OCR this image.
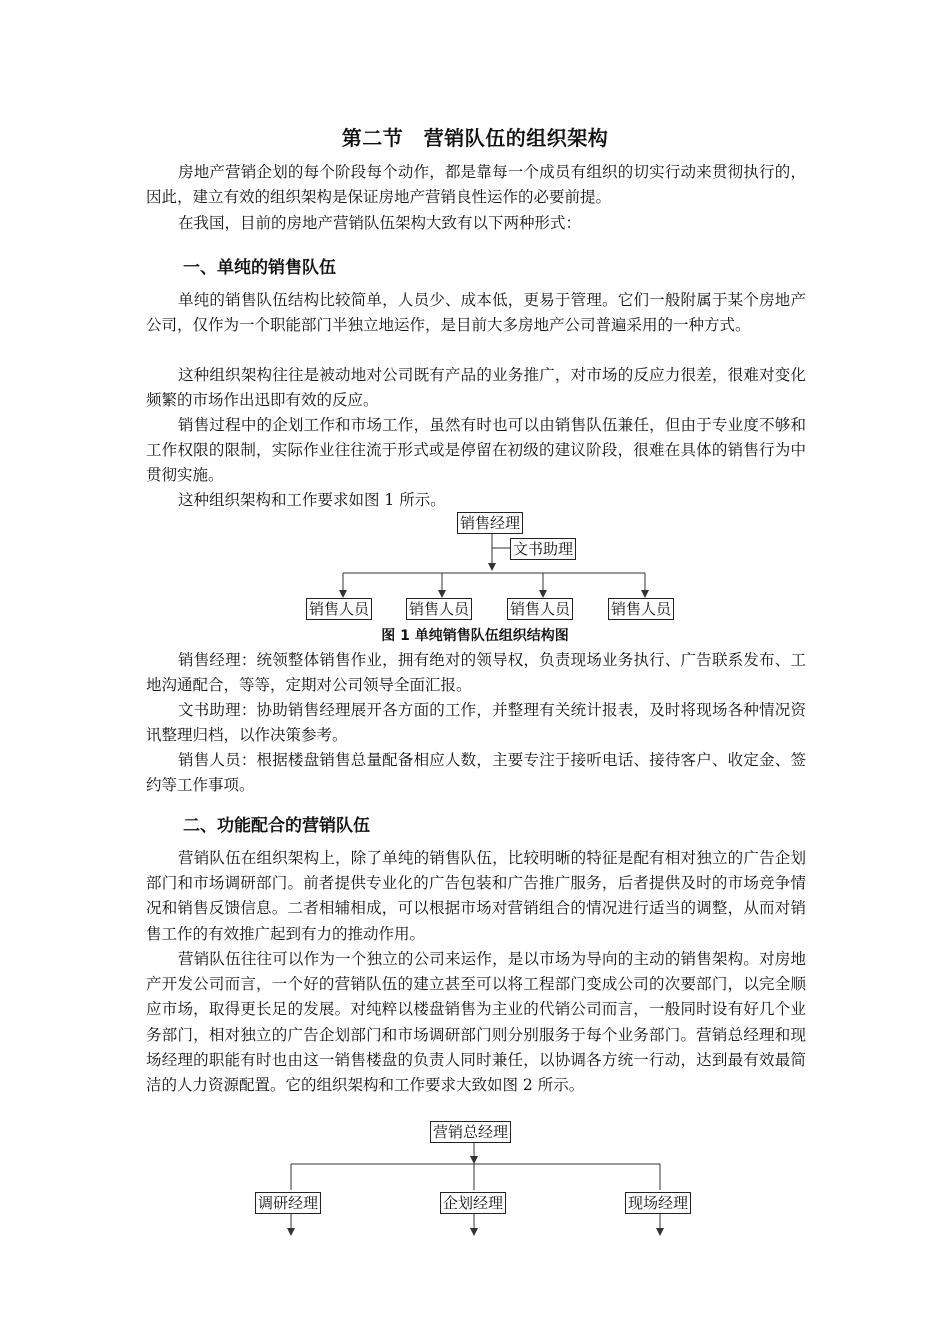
第二节　营销队伍的组织架构

房地产营销企划的每个阶段每个动作，都是靠每一个成员有组织的切实行动来贯彻执行的，因此，建立有效的组织架构是保证房地产营销良性运作的必要前提。

在我国，目前的房地产营销队伍架构大致有以下两种形式：

一、单纯的销售队伍

单纯的销售队伍结构比较简单，人员少、成本低，更易于管理。它们一般附属于某个房地产公司，仅作为一个职能部门半独立地运作，是目前大多房地产公司普遍采用的一种方式。

这种组织架构往往是被动地对公司既有产品的业务推广，对市场的反应力很差，很难对变化频繁的市场作出迅即有效的反应。

销售过程中的企划工作和市场工作，虽然有时也可以由销售队伍兼任，但由于专业度不够和工作权限的限制，实际作业往往流于形式或是停留在初级的建议阶段，很难在具体的销售行为中贯彻实施。

这种组织架构和工作要求如图 1 所示。

销售经理
文书助理
销售人员	销售人员	销售人员	销售人员
图 1 单纯销售队伍组织结构图

销售经理：统领整体销售作业，拥有绝对的领导权，负责现场业务执行、广告联系发布、工地沟通配合，等等，定期对公司领导全面汇报。

文书助理：协助销售经理展开各方面的工作，并整理有关统计报表，及时将现场各种情况资讯整理归档，以作决策参考。

销售人员：根据楼盘销售总量配备相应人数，主要专注于接听电话、接待客户、收定金、签约等工作事项。

二、功能配合的营销队伍

营销队伍在组织架构上，除了单纯的销售队伍，比较明晰的特征是配有相对独立的广告企划部门和市场调研部门。前者提供专业化的广告包装和广告推广服务，后者提供及时的市场竞争情况和销售反馈信息。二者相辅相成，可以根据市场对营销组合的情况进行适当的调整，从而对销售工作的有效推广起到有力的推动作用。

营销队伍往往可以作为一个独立的公司来运作，是以市场为导向的主动的销售架构。对房地产开发公司而言，一个好的营销队伍的建立甚至可以将工程部门变成公司的次要部门，以完全顺应市场，取得更长足的发展。对纯粹以楼盘销售为主业的代销公司而言，一般同时设有好几个业务部门，相对独立的广告企划部门和市场调研部门则分别服务于每个业务部门。营销总经理和现场经理的职能有时也由这一销售楼盘的负责人同时兼任，以协调各方统一行动，达到最有效最简洁的人力资源配置。它的组织架构和工作要求大致如图 2 所示。

营销总经理
调研经理	企划经理	现场经理
